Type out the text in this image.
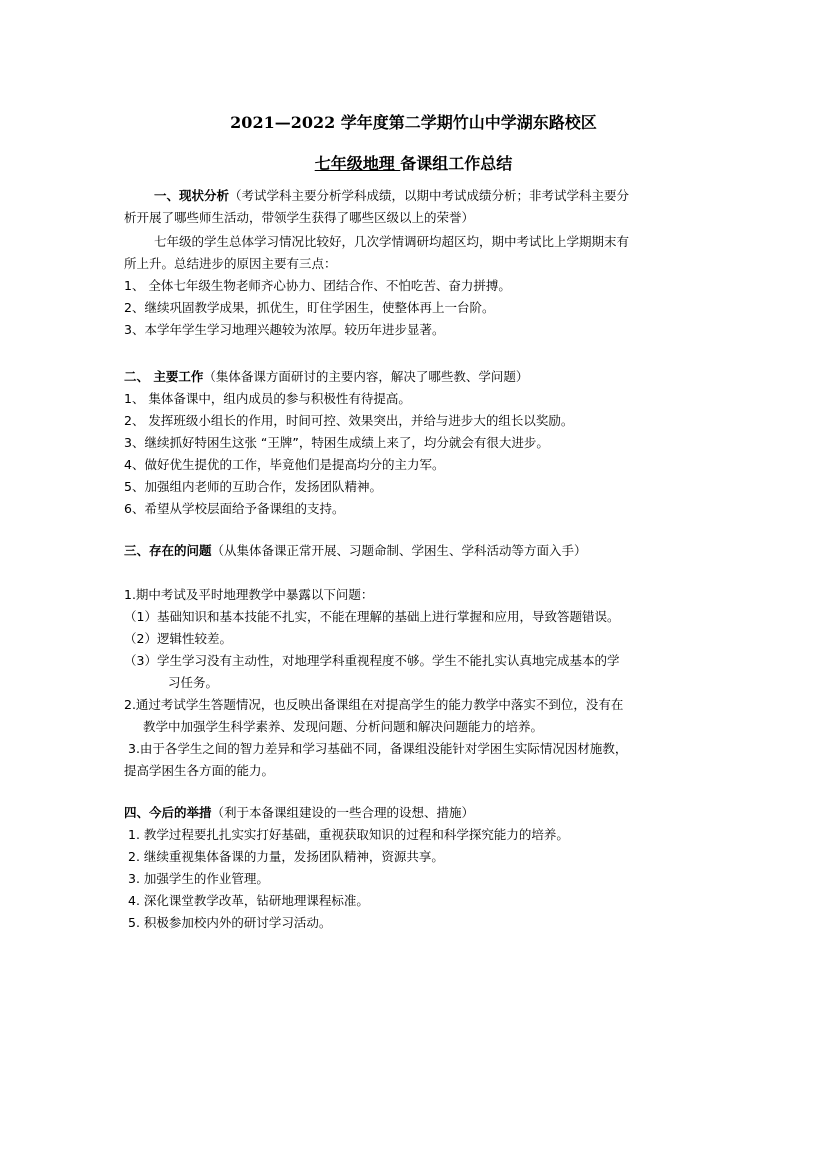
2021—2022 学年度第二学期竹山中学湖东路校区
七年级地理 备课组工作总结
一、现状分析（考试学科主要分析学科成绩，以期中考试成绩分析；非考试学科主要分
析开展了哪些师生活动，带领学生获得了哪些区级以上的荣誉）
七年级的学生总体学习情况比较好，几次学情调研均超区均，期中考试比上学期期末有
所上升。总结进步的原因主要有三点：
1、 全体七年级生物老师齐心协力、团结合作、不怕吃苦、奋力拼搏。
2、继续巩固教学成果，抓优生，盯住学困生，使整体再上一台阶。
3、本学年学生学习地理兴趣较为浓厚。较历年进步显著。
二、 主要工作（集体备课方面研讨的主要内容，解决了哪些教、学问题）
1、 集体备课中，组内成员的参与积极性有待提高。
2、 发挥班级小组长的作用，时间可控、效果突出，并给与进步大的组长以奖励。
3、继续抓好特困生这张 “王牌”，特困生成绩上来了，均分就会有很大进步。
4、做好优生提优的工作，毕竟他们是提高均分的主力军。
5、加强组内老师的互助合作，发扬团队精神。
6、希望从学校层面给予备课组的支持。
三、存在的问题（从集体备课正常开展、习题命制、学困生、学科活动等方面入手）
1.期中考试及平时地理教学中暴露以下问题：
（1）基础知识和基本技能不扎实，不能在理解的基础上进行掌握和应用，导致答题错误。
（2）逻辑性较差。
（3）学生学习没有主动性，对地理学科重视程度不够。学生不能扎实认真地完成基本的学
习任务。
2.通过考试学生答题情况，也反映出备课组在对提高学生的能力教学中落实不到位，没有在
教学中加强学生科学素养、发现问题、分析问题和解决问题能力的培养。
3.由于各学生之间的智力差异和学习基础不同，备课组没能针对学困生实际情况因材施教，
提高学困生各方面的能力。
四、今后的举措（利于本备课组建设的一些合理的设想、措施）
1. 教学过程要扎扎实实打好基础，重视获取知识的过程和科学探究能力的培养。
2. 继续重视集体备课的力量，发扬团队精神，资源共享。
3. 加强学生的作业管理。
4. 深化课堂教学改革，钻研地理课程标准。
5. 积极参加校内外的研讨学习活动。
